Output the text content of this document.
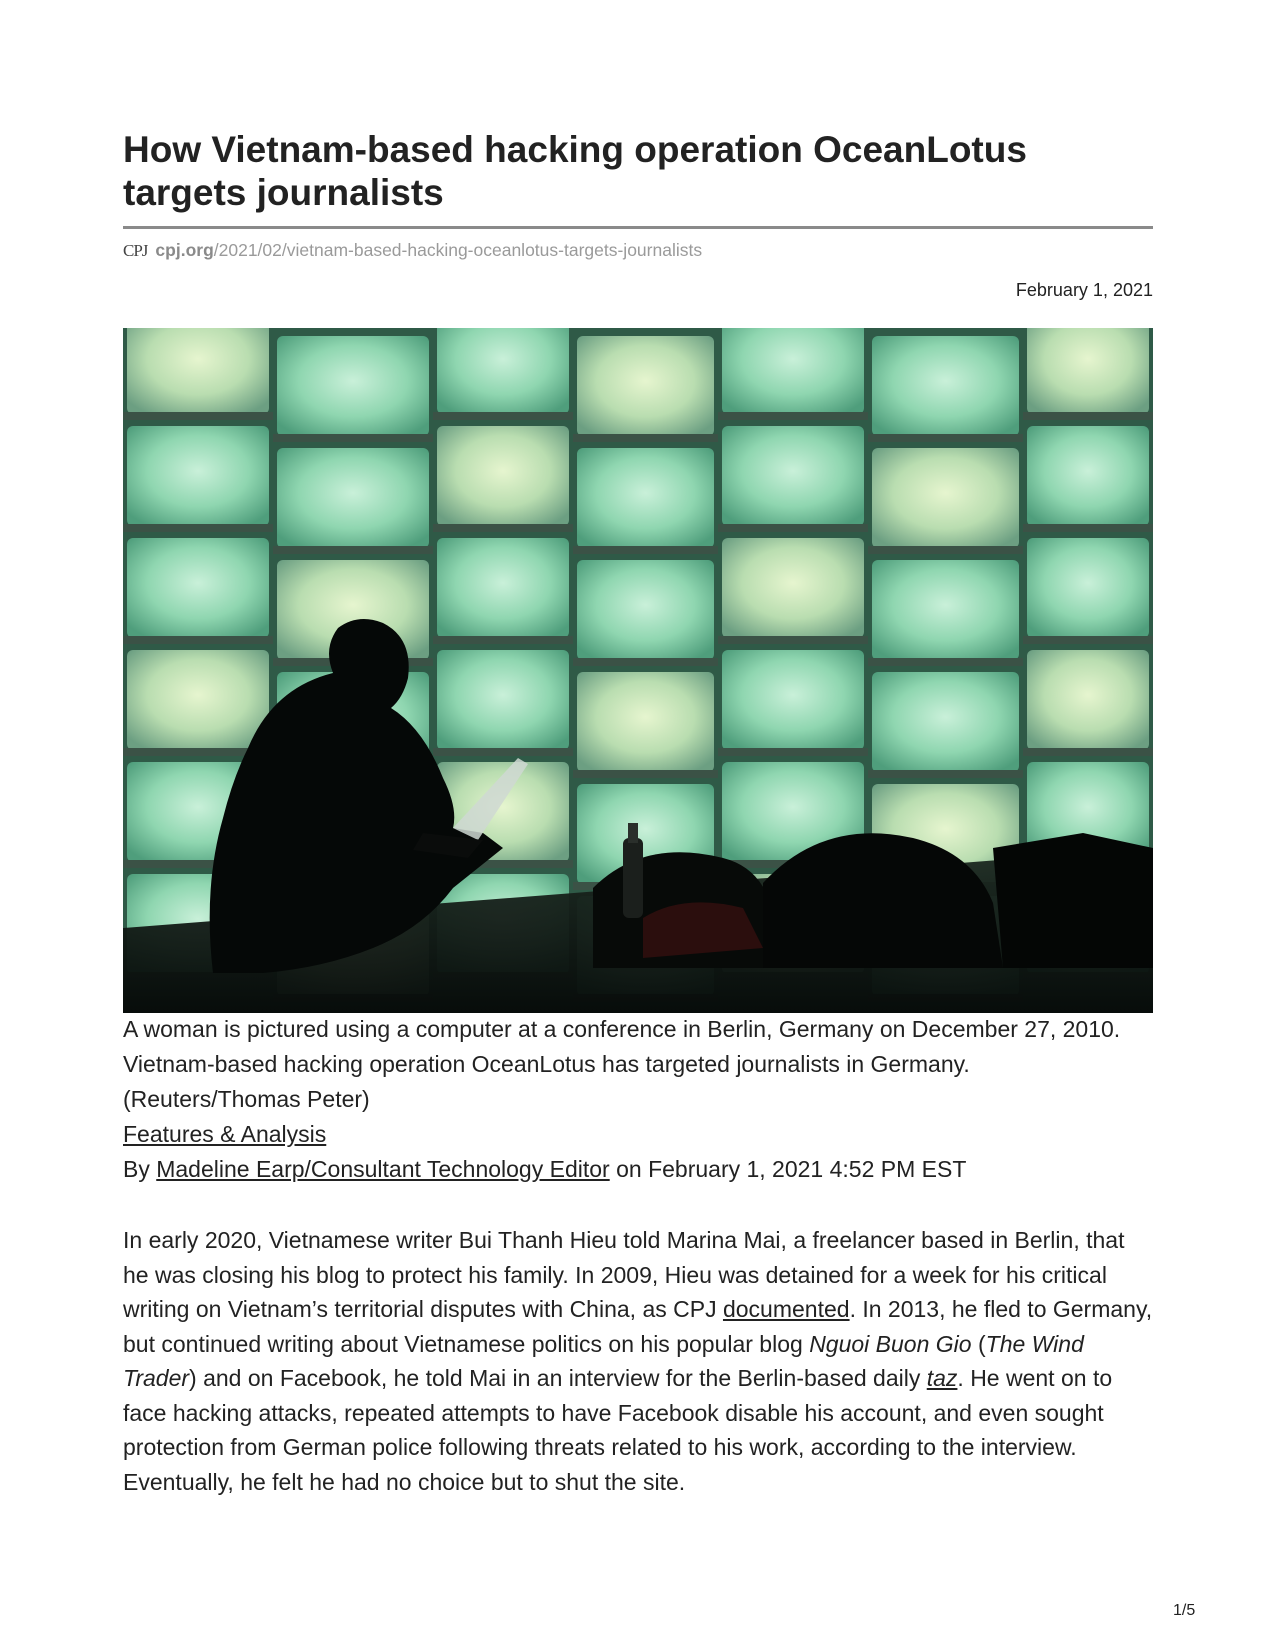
How Vietnam-based hacking operation OceanLotus targets journalists
CPJ cpj.org/2021/02/vietnam-based-hacking-oceanlotus-targets-journalists
February 1, 2021

A woman is pictured using a computer at a conference in Berlin, Germany on December 27, 2010. Vietnam-based hacking operation OceanLotus has targeted journalists in Germany. (Reuters/Thomas Peter)

Features & Analysis

By Madeline Earp/Consultant Technology Editor on February 1, 2021 4:52 PM EST

In early 2020, Vietnamese writer Bui Thanh Hieu told Marina Mai, a freelancer based in Berlin, that he was closing his blog to protect his family. In 2009, Hieu was detained for a week for his critical writing on Vietnam’s territorial disputes with China, as CPJ documented. In 2013, he fled to Germany, but continued writing about Vietnamese politics on his popular blog Nguoi Buon Gio (The Wind Trader) and on Facebook, he told Mai in an interview for the Berlin-based daily taz. He went on to face hacking attacks, repeated attempts to have Facebook disable his account, and even sought protection from German police following threats related to his work, according to the interview. Eventually, he felt he had no choice but to shut the site.

1/5
